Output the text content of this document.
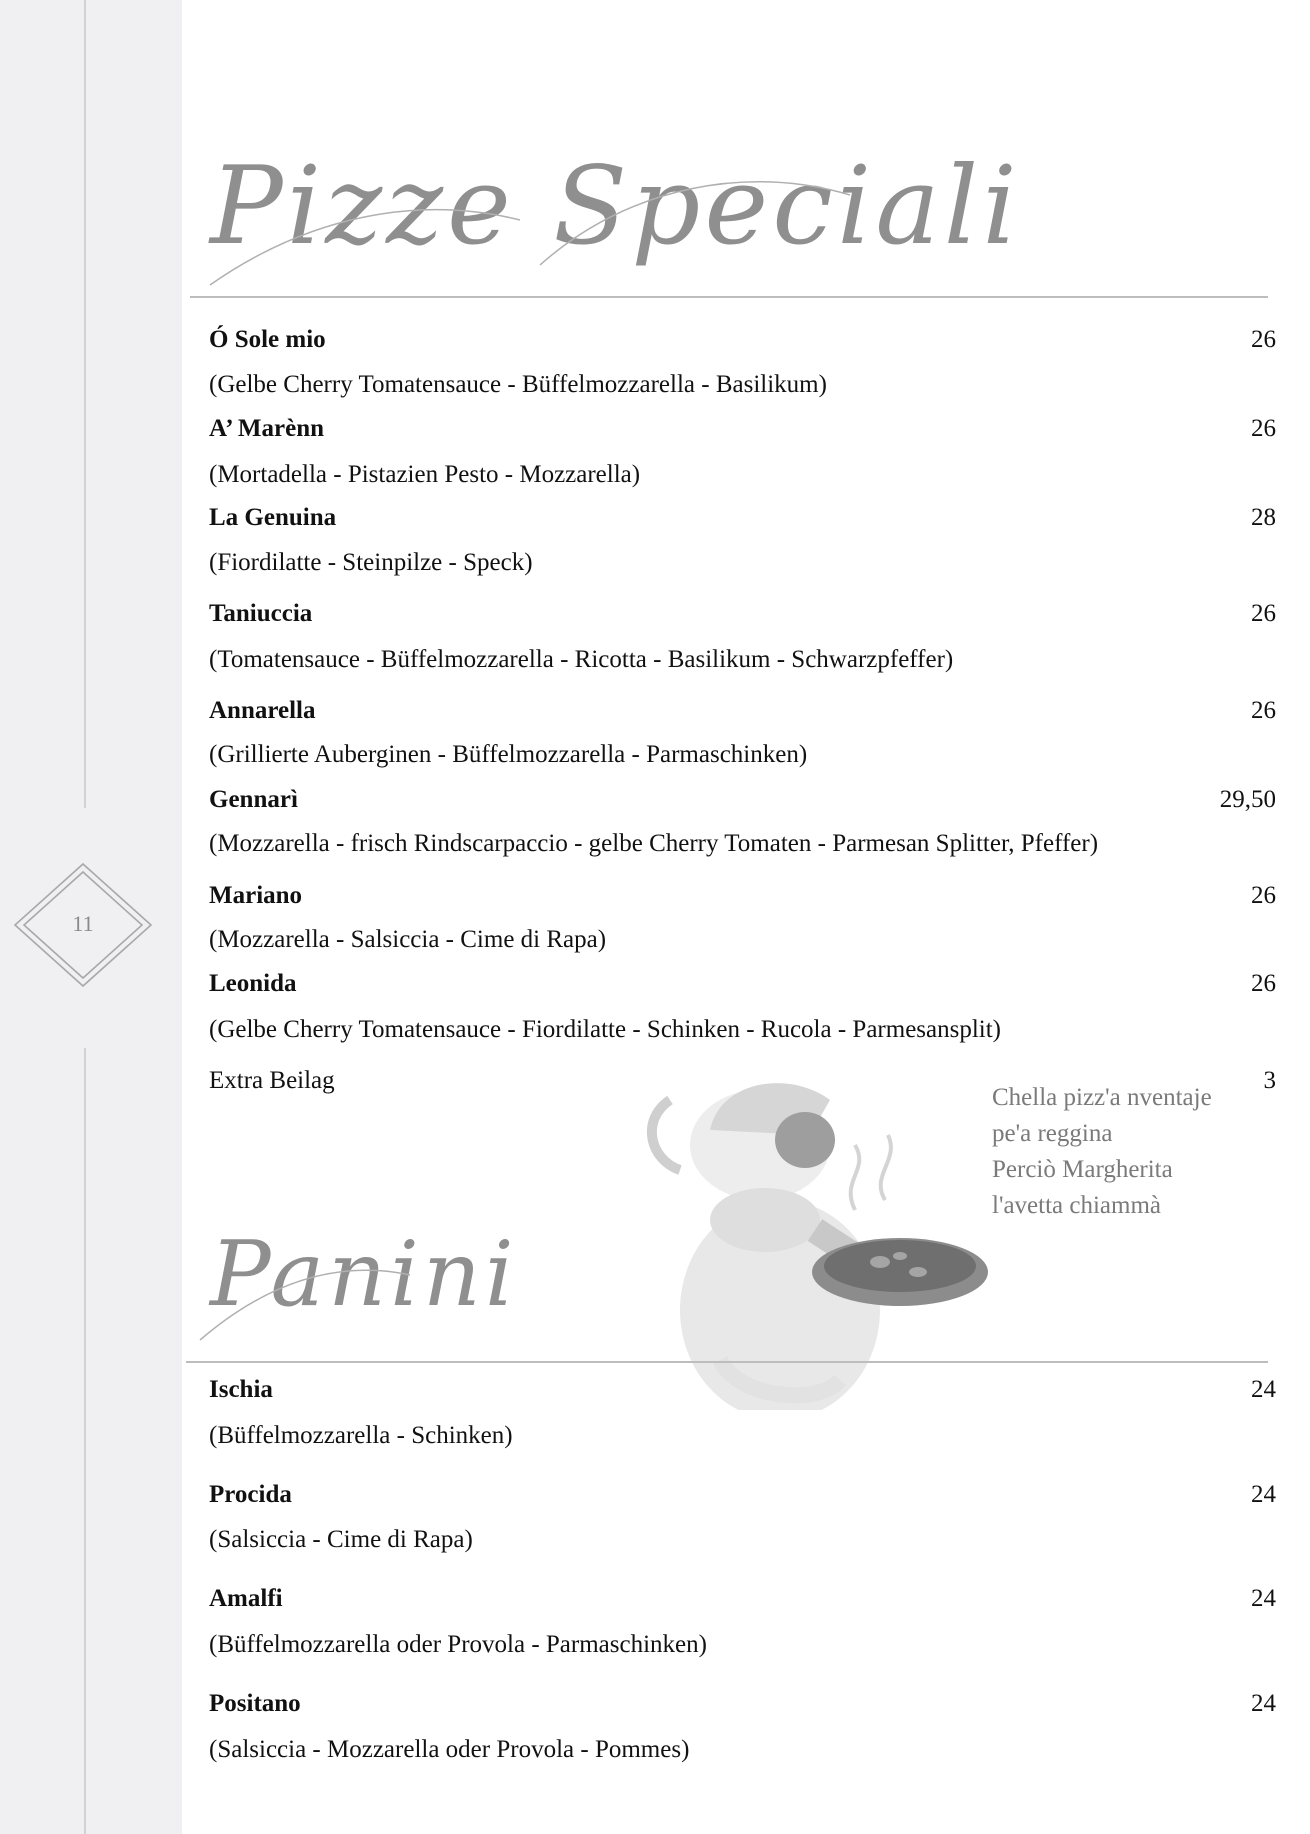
11
Pizze Speciali
Ó Sole mio	26
(Gelbe Cherry Tomatensauce - Büffelmozzarella - Basilikum)
A’ Marènn	26
(Mortadella - Pistazien Pesto - Mozzarella)
La Genuina	28
(Fiordilatte - Steinpilze - Speck)
Taniuccia	26
(Tomatensauce - Büffelmozzarella - Ricotta - Basilikum - Schwarzpfeffer)
Annarella	26
(Grillierte Auberginen - Büffelmozzarella - Parmaschinken)
Gennarì	29,50
(Mozzarella - frisch Rindscarpaccio - gelbe Cherry Tomaten - Parmesan Splitter, Pfeffer)
Mariano	26
(Mozzarella - Salsiccia - Cime di Rapa)
Leonida	26
(Gelbe Cherry Tomatensauce - Fiordilatte - Schinken - Rucola - Parmesansplit)
Extra Beilag	3
Chella pizz'a nventaje
pe'a reggina
Perciò Margherita
l'avetta chiammà
Panini
Ischia	24
(Büffelmozzarella - Schinken)
Procida	24
(Salsiccia - Cime di Rapa)
Amalfi	24
(Büffelmozzarella oder Provola - Parmaschinken)
Positano	24
(Salsiccia - Mozzarella oder Provola - Pommes)
